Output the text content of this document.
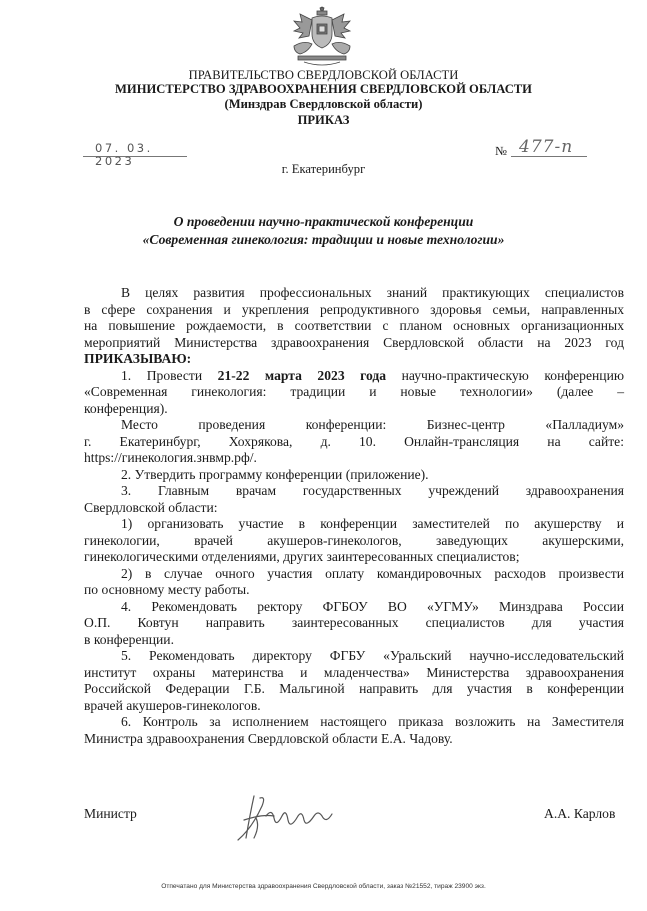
ПРАВИТЕЛЬСТВО СВЕРДЛОВСКОЙ ОБЛАСТИ
МИНИСТЕРСТВО ЗДРАВООХРАНЕНИЯ СВЕРДЛОВСКОЙ ОБЛАСТИ
(Минздрав Свердловской области)
ПРИКАЗ
07. 03. 2023
№ 477-п
г. Екатеринбург
О проведении научно-практической конференции
«Современная гинекология: традиции и новые технологии»
В целях развития профессиональных знаний практикующих специалистов
в сфере сохранения и укрепления репродуктивного здоровья семьи, направленных
на повышение рождаемости, в соответствии с планом основных организационных
мероприятий Министерства здравоохранения Свердловской области на 2023 год
ПРИКАЗЫВАЮ:
1. Провести 21-22 марта 2023 года научно-практическую конференцию
«Современная гинекология: традиции и новые технологии» (далее –
конференция).
Место проведения конференции: Бизнес-центр «Палладиум»
г. Екатеринбург, Хохрякова, д. 10. Онлайн-трансляция на сайте:
https://гинекология.знвмр.рф/.
2. Утвердить программу конференции (приложение).
3. Главным врачам государственных учреждений здравоохранения
Свердловской области:
1) организовать участие в конференции заместителей по акушерству и
гинекологии, врачей акушеров-гинекологов, заведующих акушерскими,
гинекологическими отделениями, других заинтересованных специалистов;
2) в случае очного участия оплату командировочных расходов произвести
по основному месту работы.
4. Рекомендовать ректору ФГБОУ ВО «УГМУ» Минздрава России
О.П. Ковтун направить заинтересованных специалистов для участия
в конференции.
5. Рекомендовать директору ФГБУ «Уральский научно-исследовательский
институт охраны материнства и младенчества» Министерства здравоохранения
Российской Федерации Г.Б. Мальгиной направить для участия в конференции
врачей акушеров-гинекологов.
6. Контроль за исполнением настоящего приказа возложить на Заместителя
Министра здравоохранения Свердловской области Е.А. Чадову.
Министр	А.А. Карлов
Отпечатано для Министерства здравоохранения Свердловской области, заказ №21552, тираж 23900 экз.
